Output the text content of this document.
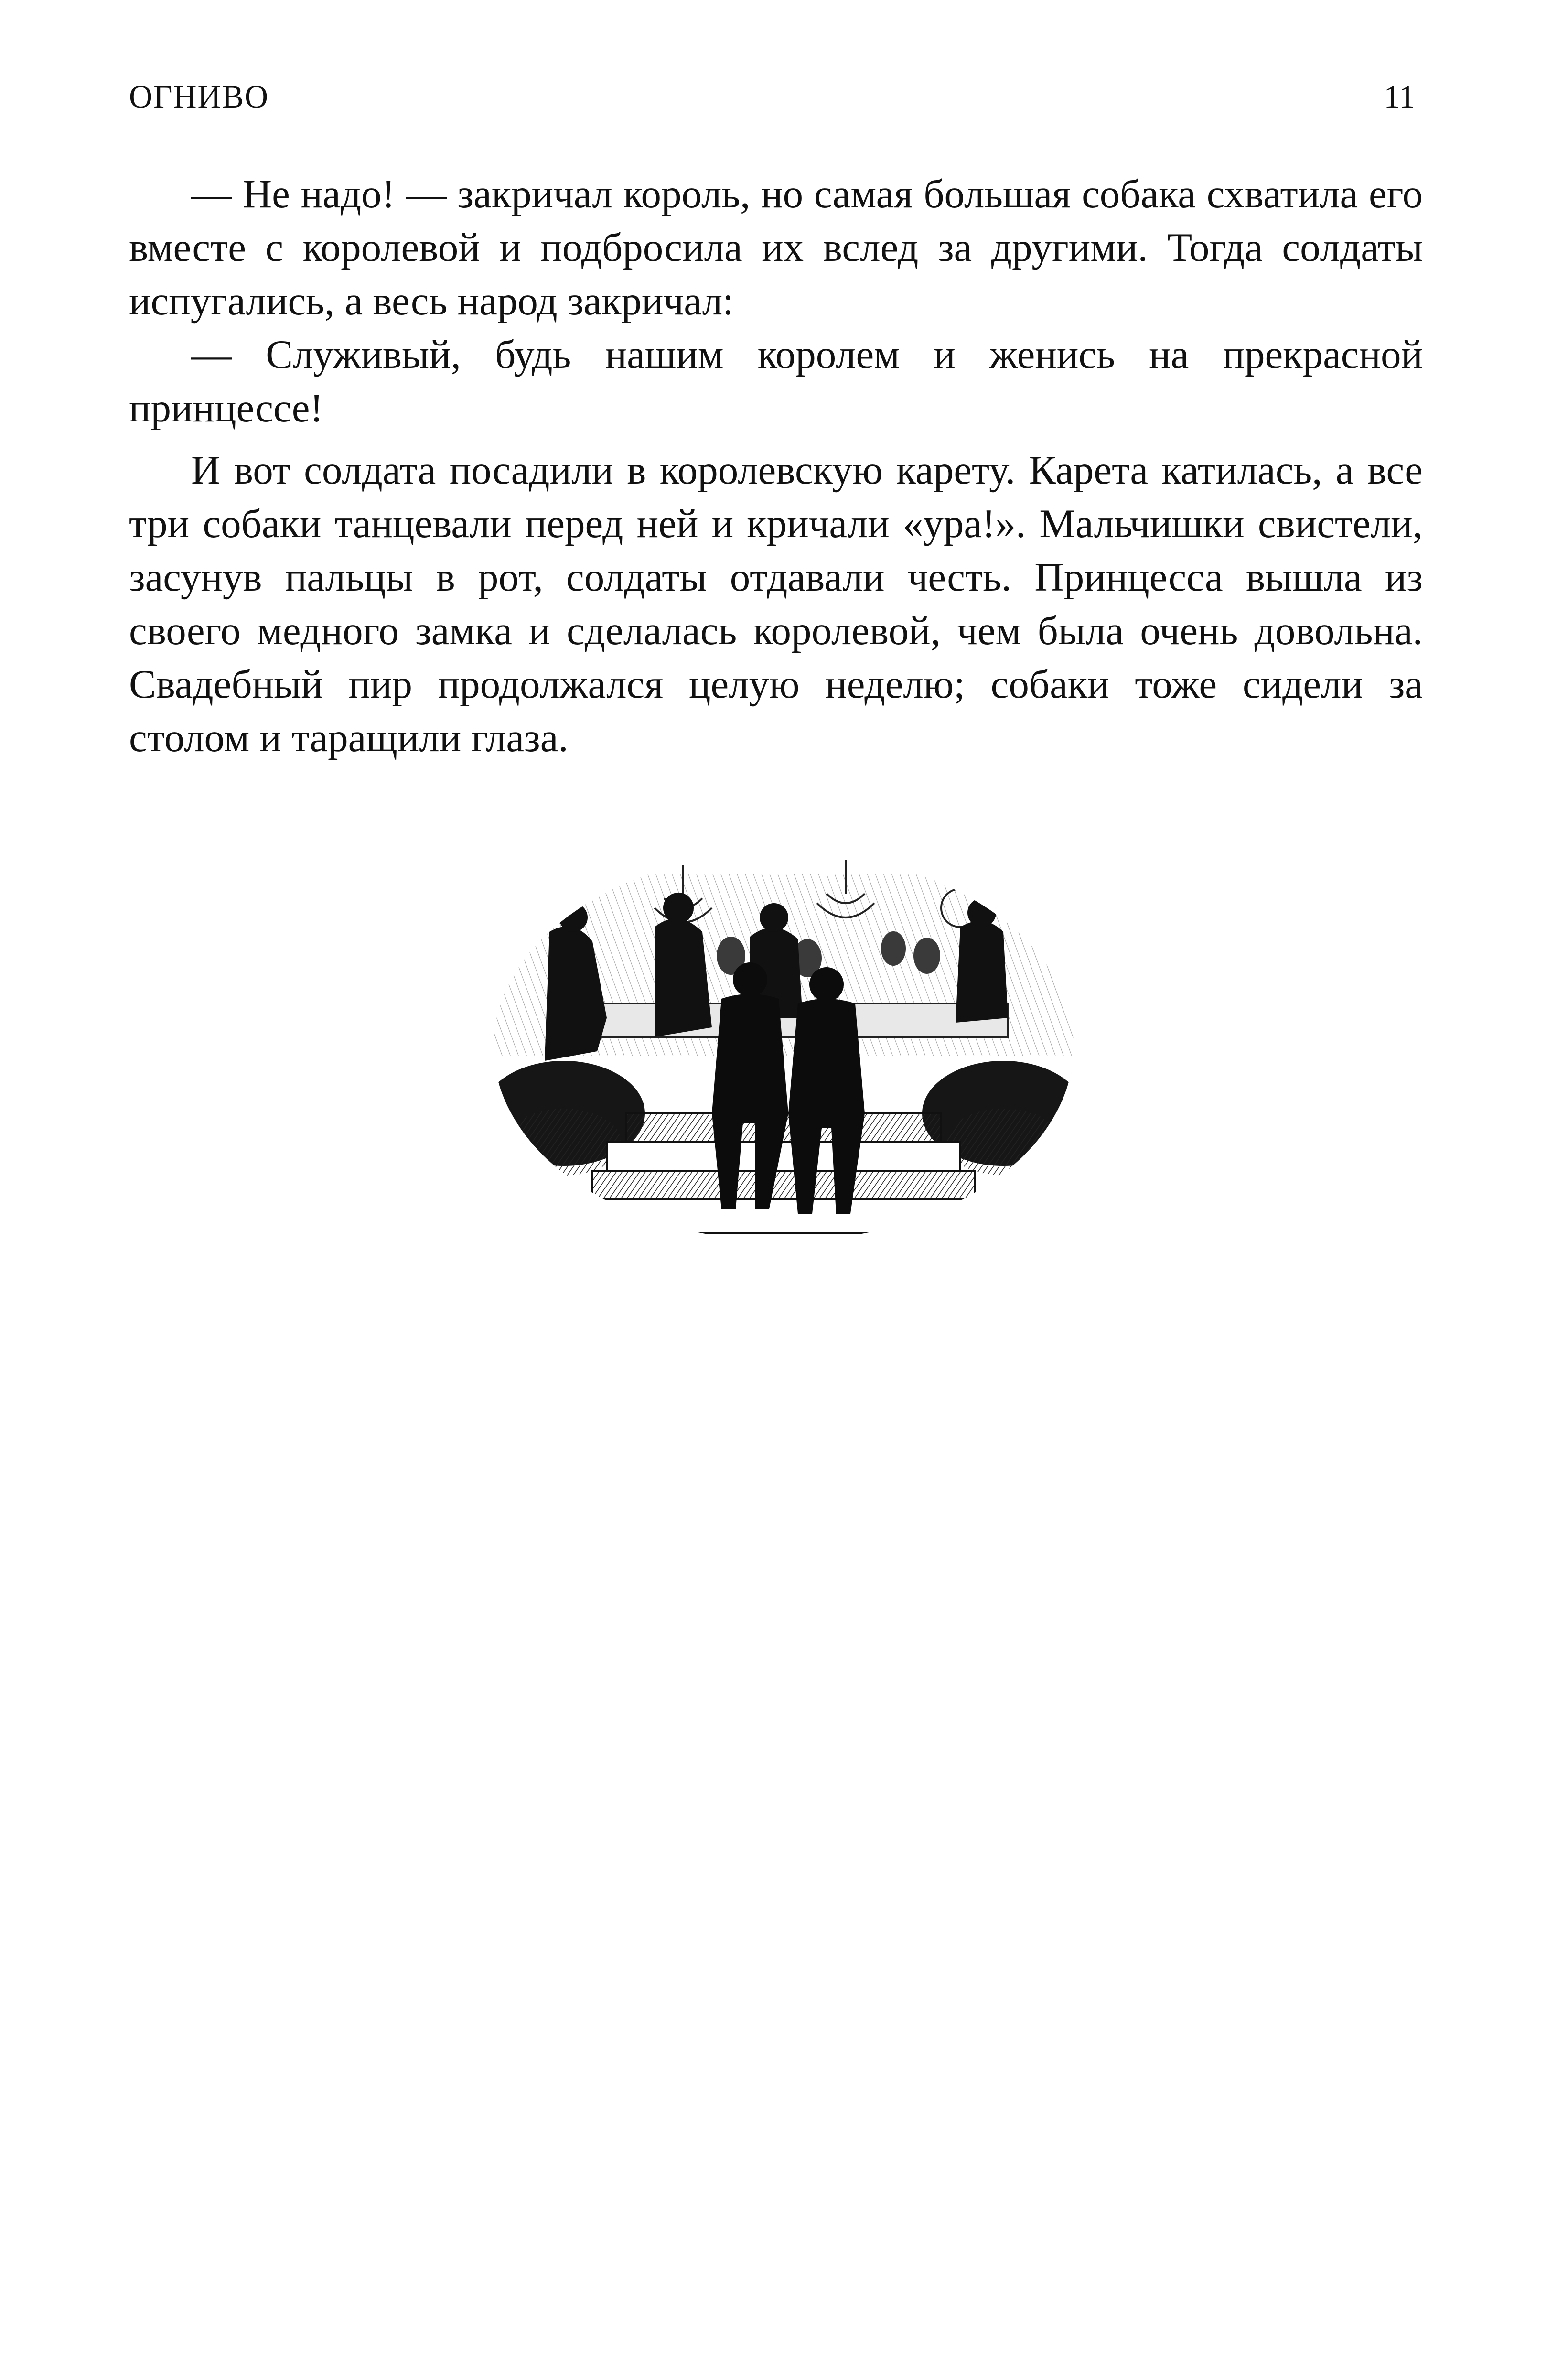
ОГНИВО	11

— Не надо! — закричал король, но самая большая собака схватила его вместе с королевой и подбросила их вслед за другими. Тогда солдаты испугались, а весь народ закричал:

— Служивый, будь нашим королем и женись на прекрасной принцессе!

И вот солдата посадили в королевскую карету. Карета катилась, а все три собаки танцевали перед ней и кричали «ура!». Мальчишки свистели, засунув пальцы в рот, солдаты отдавали честь. Принцесса вышла из своего медного замка и сделалась королевой, чем была очень довольна. Свадебный пир продолжался целую неделю; собаки тоже сидели за столом и таращили глаза.
